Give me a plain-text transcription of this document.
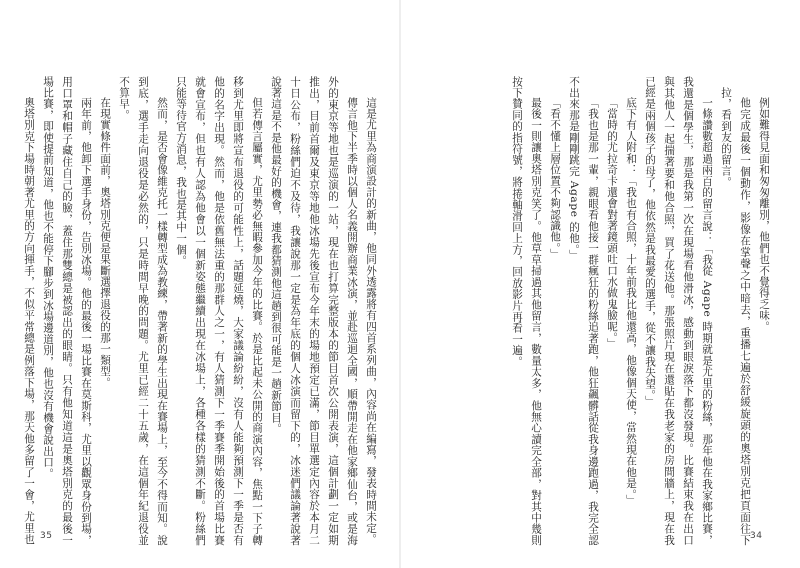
這是尤里為商演設計的新曲，他同外透露將有四首系列曲，內容尚在編寫，發表時間未定。

傳言他下半季時以個人名義開辦商業冰演，並赴巡迴全國，順帶開走在他家鄉仙台，或是海外的東京等地也是巡演的一站，現在也打算完整版本的節目首次公開表演，這個計劃一定如期推出，目前首爾及東京等地他冰場先後宣布今年末的場地預定已滿，節目單選定內容於本月二十日公布，粉絲們迫不及待，我讓說那一定是為年底的個人冰演而留下的，冰迷們議論著說著說著這是不是他最好的機會，連我都猜測他這趟到很可能是一趟新節目。

但若傳言屬實，尤里勢必無暇參加今年的比賽。於是比起未公開的商演內容，焦點一下子轉移到尤里即將宣布退役的可能性上，話題延燒，大家議論紛紛，沒有人能夠預測下一季是否有他的名字出現。然而，他是依舊無法重的那群人之一，有人猜測下一季賽季開始後的首場比賽就會宣布，但也有人認為他會以一個新姿態繼續出現在冰場上，各種各樣的猜測不斷。粉絲們只能等待官方消息，我也是其中一個。

然而，是否會像維克托一樣轉型成為教練，帶著新的學生出現在賽場上，至今不得而知。說到底，選手走向退役是必然的，只是時間早晚的問題。尤里已經二十五歲，在這個年紀退役並不算早。

在現實條件面前，奧塔別克便是果斷選擇退役的那一類型。

兩年前，他卸下選手身份，告別冰場。他的最後一場比賽在莫斯科，尤里以觀眾身份到場，用口罩和帽子藏住自己的臉，蓋住那雙總是被認出的眼睛。只有他知道這是奧塔別克的最後一場比賽，即使提前知道，他也不能停下腳步到冰場邊道別，他也沒有機會說出口。

奧塔別克下場時朝著尤里的方向揮手，不似平常總是例落下場，那天他多留了一會，尤里也 35

例如難得見面和匆匆離別，他們也不覺得乏味。

他完成最後一個動作，影像在掌聲之中暗去，重播七遍於舒緩旋頭的奧塔別克把頁面往下拉，看到友的留言。

一條讚數超過兩百的留言說：「我從 Agape 時期就是尤里的粉絲，那年他在我家鄉比賽，我還是個學生，那是我第一次在現場看他滑冰，感動到眼淚落下都沒發現。比賽結束我在出口與其他人一起揣著要和他合照，買了花送他。那張照片現在還貼在我老家的房間牆上，現在我已經是兩個孩子的母了，他依然是我最愛的選手，從不讓我失望。」

底下有人附和：「我也有合照，十年前我比他還高，他像個天使，當然現在他是。」

「當時的尤拉奇卡還會對著鏡頭吐口水做鬼臉呢。」

「我也是那一輩，親眼看他接一群瘋狂的粉絲追著跑，他狂飆髒話從我身邊跑過，我完全認不出來那是剛剛跳完 Agape 的他。」

「看不懂上層位置不夠認識他。」

最後一則讓奧塔別克笑了。他草草掃過其他留言，數量太多，他無心讀完全部，對其中幾則按下贊同的指符號，將捲軸滑回上方，回放影片再看一遍。

34
